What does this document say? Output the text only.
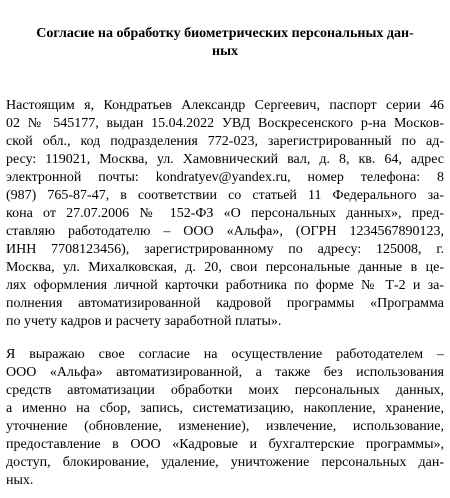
Согласие на обработку биометрических персональных дан-
ных
Настоящим я, Кондратьев Александр Сергеевич, паспорт серии 46
02 № 545177, выдан 15.04.2022 УВД Воскресенского р-на Москов-
ской обл., код подразделения 772-023, зарегистрированный по ад-
ресу: 119021, Москва, ул. Хамовнический вал, д. 8, кв. 64, адрес
электронной почты: kondratyev@yandex.ru, номер телефона: 8
(987) 765-87-47, в соответствии со статьей 11 Федерального за-
кона от 27.07.2006 № 152-ФЗ «О персональных данных», пред-
ставляю работодателю – ООО «Альфа», (ОГРН 1234567890123,
ИНН 7708123456), зарегистрированному по адресу: 125008, г.
Москва, ул. Михалковская, д. 20, свои персональные данные в це-
лях оформления личной карточки работника по форме № Т-2 и за-
полнения автоматизированной кадровой программы «Программа
по учету кадров и расчету заработной платы».
Я выражаю свое согласие на осуществление работодателем –
ООО «Альфа» автоматизированной, а также без использования
средств автоматизации обработки моих персональных данных,
а именно на сбор, запись, систематизацию, накопление, хранение,
уточнение (обновление, изменение), извлечение, использование,
предоставление в ООО «Кадровые и бухгалтерские программы»,
доступ, блокирование, удаление, уничтожение персональных дан-
ных.
